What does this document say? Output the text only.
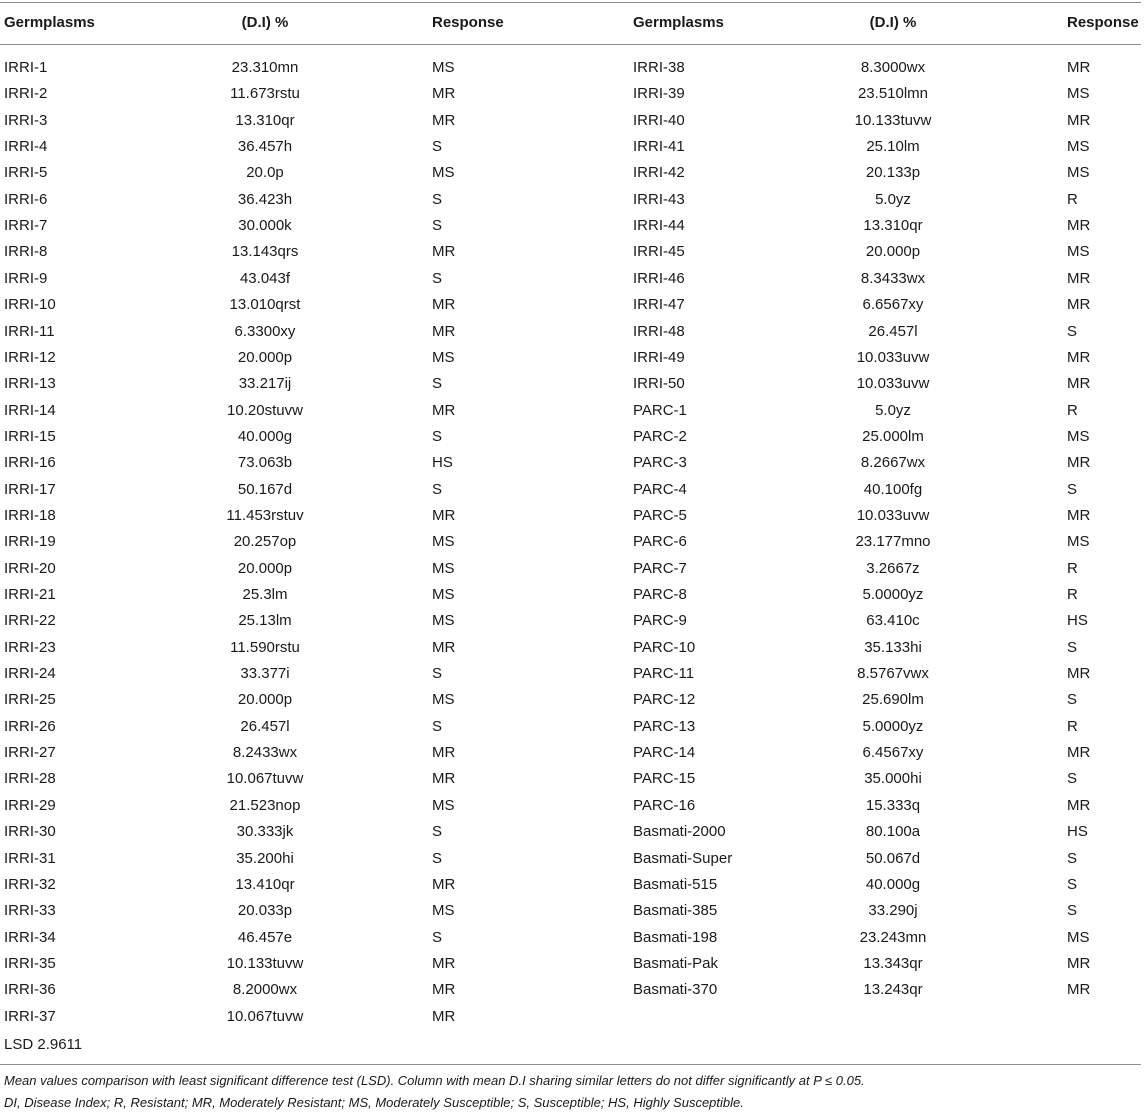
Germplasms	(D.I) %	Response	Germplasms	(D.I) %	Response
IRRI-1	23.310mn	MS	IRRI-38	8.3000wx	MR
IRRI-2	11.673rstu	MR	IRRI-39	23.510lmn	MS
IRRI-3	13.310qr	MR	IRRI-40	10.133tuvw	MR
IRRI-4	36.457h	S	IRRI-41	25.10lm	MS
IRRI-5	20.0p	MS	IRRI-42	20.133p	MS
IRRI-6	36.423h	S	IRRI-43	5.0yz	R
IRRI-7	30.000k	S	IRRI-44	13.310qr	MR
IRRI-8	13.143qrs	MR	IRRI-45	20.000p	MS
IRRI-9	43.043f	S	IRRI-46	8.3433wx	MR
IRRI-10	13.010qrst	MR	IRRI-47	6.6567xy	MR
IRRI-11	6.3300xy	MR	IRRI-48	26.457l	S
IRRI-12	20.000p	MS	IRRI-49	10.033uvw	MR
IRRI-13	33.217ij	S	IRRI-50	10.033uvw	MR
IRRI-14	10.20stuvw	MR	PARC-1	5.0yz	R
IRRI-15	40.000g	S	PARC-2	25.000lm	MS
IRRI-16	73.063b	HS	PARC-3	8.2667wx	MR
IRRI-17	50.167d	S	PARC-4	40.100fg	S
IRRI-18	11.453rstuv	MR	PARC-5	10.033uvw	MR
IRRI-19	20.257op	MS	PARC-6	23.177mno	MS
IRRI-20	20.000p	MS	PARC-7	3.2667z	R
IRRI-21	25.3lm	MS	PARC-8	5.0000yz	R
IRRI-22	25.13lm	MS	PARC-9	63.410c	HS
IRRI-23	11.590rstu	MR	PARC-10	35.133hi	S
IRRI-24	33.377i	S	PARC-11	8.5767vwx	MR
IRRI-25	20.000p	MS	PARC-12	25.690lm	S
IRRI-26	26.457l	S	PARC-13	5.0000yz	R
IRRI-27	8.2433wx	MR	PARC-14	6.4567xy	MR
IRRI-28	10.067tuvw	MR	PARC-15	35.000hi	S
IRRI-29	21.523nop	MS	PARC-16	15.333q	MR
IRRI-30	30.333jk	S	Basmati-2000	80.100a	HS
IRRI-31	35.200hi	S	Basmati-Super	50.067d	S
IRRI-32	13.410qr	MR	Basmati-515	40.000g	S
IRRI-33	20.033p	MS	Basmati-385	33.290j	S
IRRI-34	46.457e	S	Basmati-198	23.243mn	MS
IRRI-35	10.133tuvw	MR	Basmati-Pak	13.343qr	MR
IRRI-36	8.2000wx	MR	Basmati-370	13.243qr	MR
IRRI-37	10.067tuvw	MR
LSD 2.9611
Mean values comparison with least significant difference test (LSD). Column with mean D.I sharing similar letters do not differ significantly at P ≤ 0.05.
DI, Disease Index; R, Resistant; MR, Moderately Resistant; MS, Moderately Susceptible; S, Susceptible; HS, Highly Susceptible.
